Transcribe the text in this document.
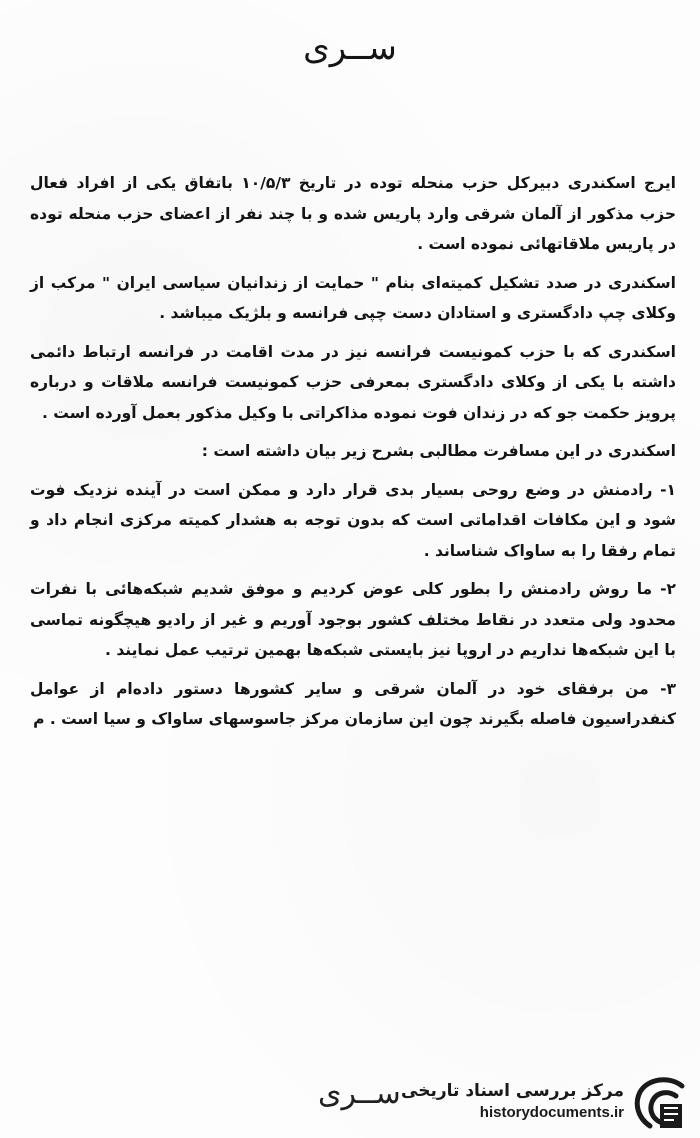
ســرى

ایرج اسکندری دبیرکل حزب منحله توده در تاریخ ۱۰/۵/۳ باتفاق یکی از افراد فعال حزب مذکور از آلمان شرقی وارد پاریس شده و با چند نفر از اعضای حزب منحله توده در پاریس ملاقاتهائی نموده است .

اسکندری در صدد تشکیل کمیته‌ای بنام " حمایت از زندانیان سیاسی ایران " مرکب از وکلای چپ دادگستری و استادان دست چپی فرانسه و بلژیک میباشد .

اسکندری که با حزب کمونیست فرانسه نیز در مدت اقامت در فرانسه ارتباط دائمی داشته با یکی از وکلای دادگستری بمعرفی حزب کمونیست فرانسه ملاقات و درباره پرویز حکمت جو که در زندان فوت نموده مذاکراتی با وکیل مذکور بعمل آورده است .

اسکندری در این مسافرت مطالبی بشرح زیر بیان داشته است :

۱- رادمنش در وضع روحی بسیار بدی قرار دارد و ممکن است در آینده نزدیک فوت شود و این مکافات اقداماتی است که بدون توجه به هشدار کمیته مرکزی انجام داد و تمام رفقا را به ساواک شناساند .

۲- ما روش رادمنش را بطور کلی عوض کردیم و موفق شدیم شبکه‌هائی با نفرات محدود ولی متعدد در نقاط مختلف کشور بوجود آوریم و غیر از رادیو هیچگونه تماسی با این شبکه‌ها نداریم در اروپا نیز بایستی شبکه‌ها بهمین ترتیب عمل نمایند .

۳- من برفقای خود در آلمان شرقی و سایر کشورها دستور داده‌ام از عوامل کنفدراسیون فاصله بگیرند چون این سازمان مرکز جاسوسهای ساواک و سیا است . م

ســرى مرکز بررسی اسناد تاریخی
historydocuments.ir
